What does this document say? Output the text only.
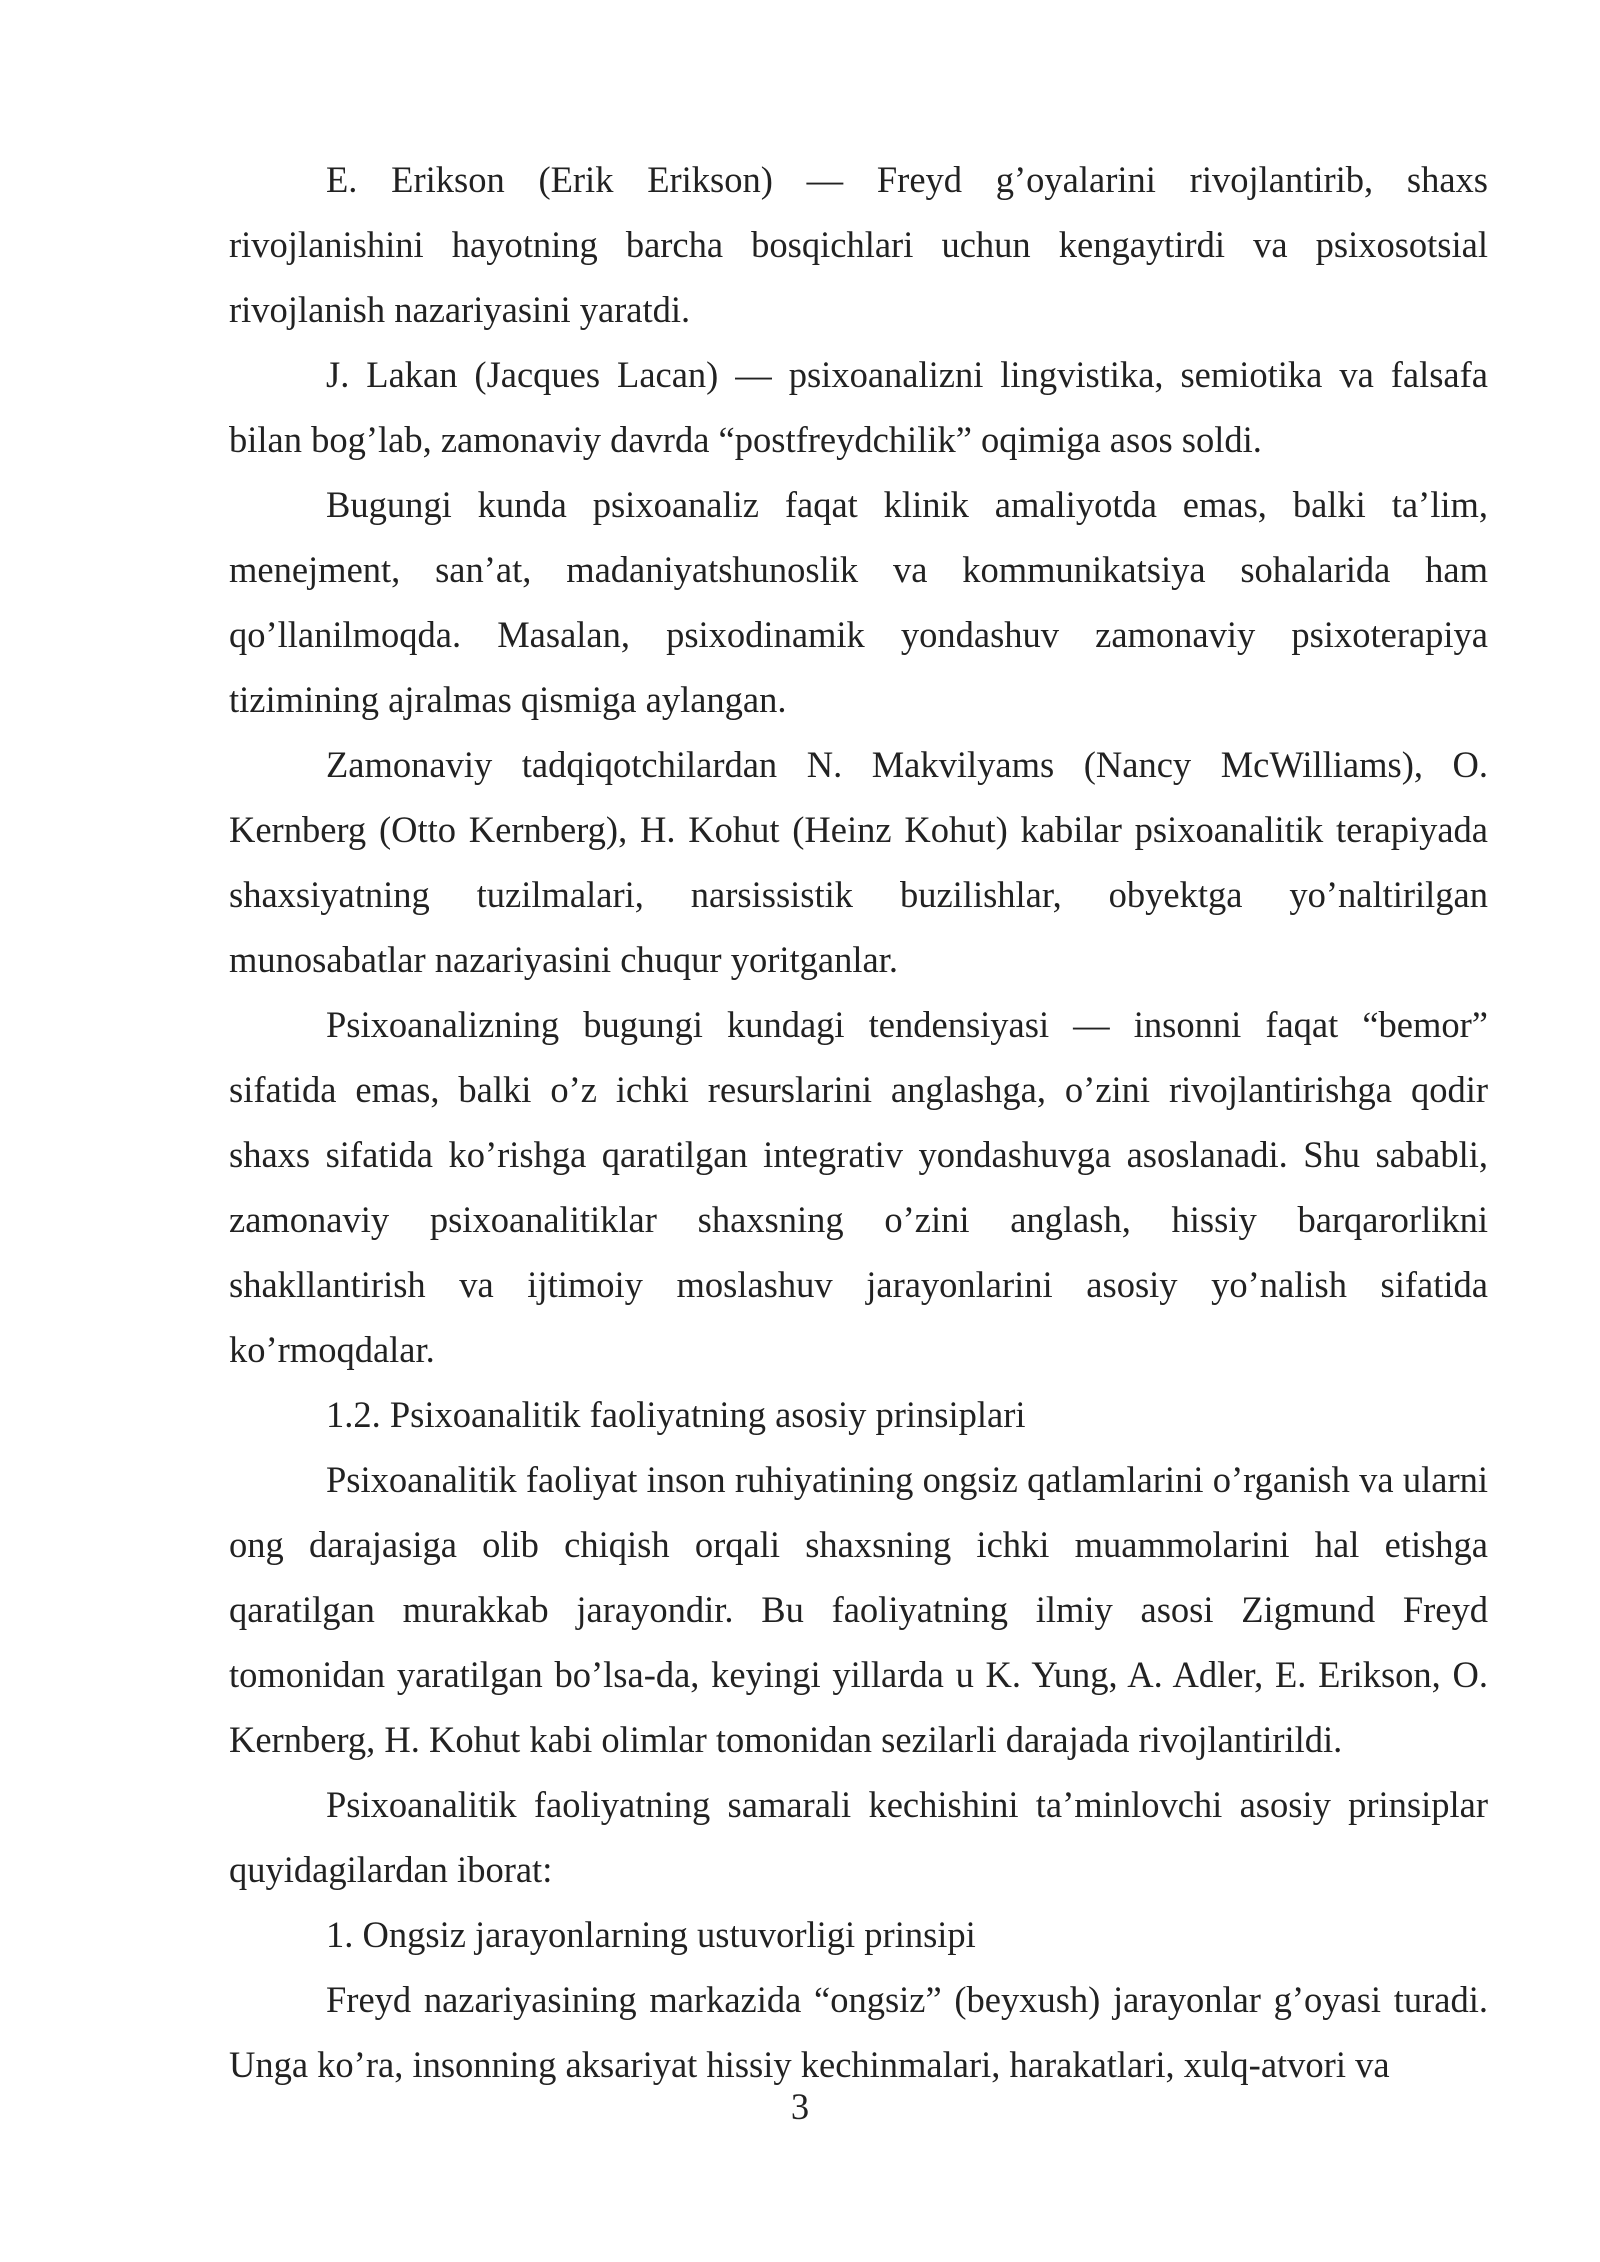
E. Erikson (Erik Erikson) — Freyd g’oyalarini rivojlantirib, shaxs rivojlanishini hayotning barcha bosqichlari uchun kengaytirdi va psixosotsial rivojlanish nazariyasini yaratdi.

J. Lakan (Jacques Lacan) — psixoanalizni lingvistika, semiotika va falsafa bilan bog’lab, zamonaviy davrda “postfreydchilik” oqimiga asos soldi.

Bugungi kunda psixoanaliz faqat klinik amaliyotda emas, balki ta’lim, menejment, san’at, madaniyatshunoslik va kommunikatsiya sohalarida ham qo’llanilmoqda. Masalan, psixodinamik yondashuv zamonaviy psixoterapiya tizimining ajralmas qismiga aylangan.

Zamonaviy tadqiqotchilardan N. Makvilyams (Nancy McWilliams), O. Kernberg (Otto Kernberg), H. Kohut (Heinz Kohut) kabilar psixoanalitik terapiyada shaxsiyatning tuzilmalari, narsissistik buzilishlar, obyektga yo’naltirilgan munosabatlar nazariyasini chuqur yoritganlar.

Psixoanalizning bugungi kundagi tendensiyasi — insonni faqat “bemor” sifatida emas, balki o’z ichki resurslarini anglashga, o’zini rivojlantirishga qodir shaxs sifatida ko’rishga qaratilgan integrativ yondashuvga asoslanadi. Shu sababli, zamonaviy psixoanalitiklar shaxsning o’zini anglash, hissiy barqarorlikni shakllantirish va ijtimoiy moslashuv jarayonlarini asosiy yo’nalish sifatida ko’rmoqdalar.

1.2. Psixoanalitik faoliyatning asosiy prinsiplari

Psixoanalitik faoliyat inson ruhiyatining ongsiz qatlamlarini o’rganish va ularni ong darajasiga olib chiqish orqali shaxsning ichki muammolarini hal etishga qaratilgan murakkab jarayondir. Bu faoliyatning ilmiy asosi Zigmund Freyd tomonidan yaratilgan bo’lsa-da, keyingi yillarda u K. Yung, A. Adler, E. Erikson, O. Kernberg, H. Kohut kabi olimlar tomonidan sezilarli darajada rivojlantirildi.

Psixoanalitik faoliyatning samarali kechishini ta’minlovchi asosiy prinsiplar quyidagilardan iborat:

1. Ongsiz jarayonlarning ustuvorligi prinsipi

Freyd nazariyasining markazida “ongsiz” (beyxush) jarayonlar g’oyasi turadi. Unga ko’ra, insonning aksariyat hissiy kechinmalari, harakatlari, xulq-atvori va

3
